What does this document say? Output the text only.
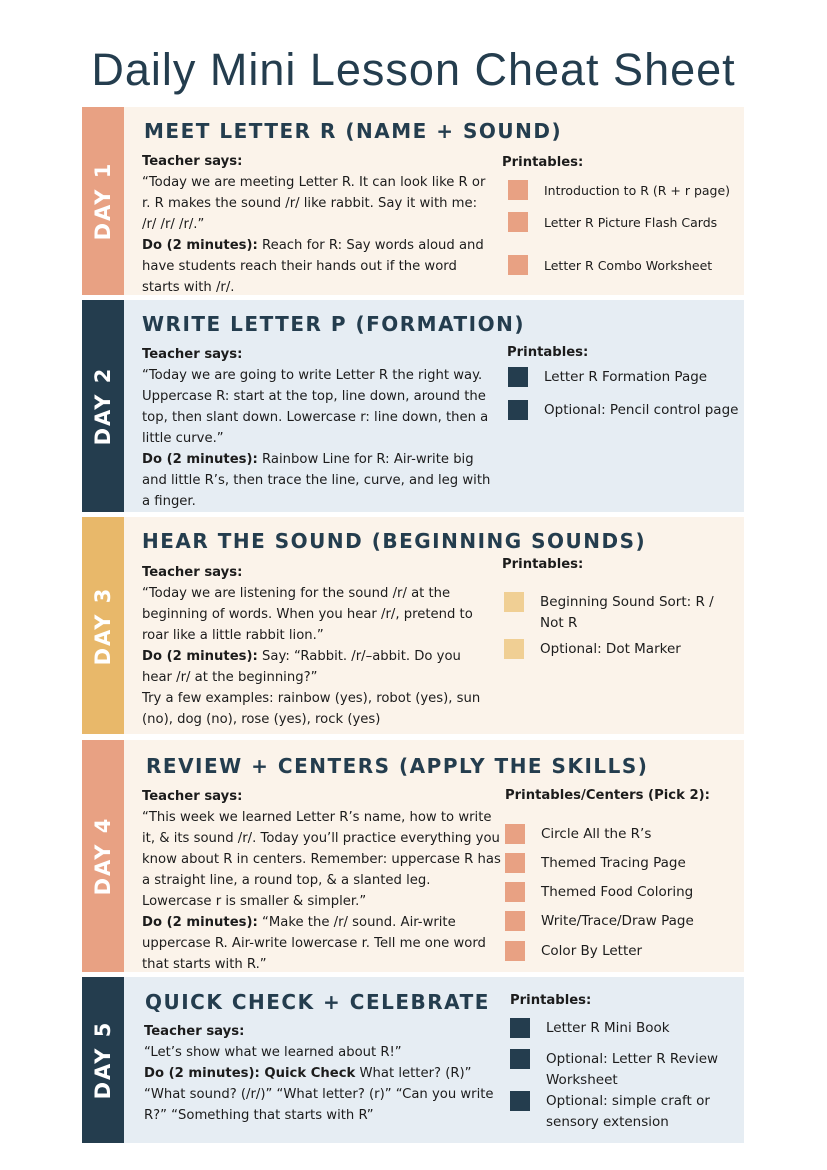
Daily Mini Lesson Cheat Sheet
DAY 1
MEET LETTER R (NAME + SOUND)

Teacher says:

“Today we are meeting Letter R. It can look like R or r. R makes the sound /r/ like rabbit. Say it with me: /r/ /r/ /r/.”

Do (2 minutes): Reach for R: Say words aloud and have students reach their hands out if the word starts with /r/.

Printables:
Introduction to R (R + r page)
Letter R Picture Flash Cards
Letter R Combo Worksheet
DAY 2
WRITE LETTER P (FORMATION)

Teacher says:

“Today we are going to write Letter R the right way. Uppercase R: start at the top, line down, around the top, then slant down. Lowercase r: line down, then a little curve.”

Do (2 minutes): Rainbow Line for R: Air-write big and little R’s, then trace the line, curve, and leg with a finger.

Printables:
Letter R Formation Page
Optional: Pencil control page
DAY 3
HEAR THE SOUND (BEGINNING SOUNDS)

Teacher says:

“Today we are listening for the sound /r/ at the beginning of words. When you hear /r/, pretend to roar like a little rabbit lion.”

Do (2 minutes): Say: “Rabbit. /r/–abbit. Do you hear /r/ at the beginning?”

Try a few examples: rainbow (yes), robot (yes), sun (no), dog (no), rose (yes), rock (yes)

Printables:
Beginning Sound Sort: R / Not R
Optional: Dot Marker
DAY 4
REVIEW + CENTERS (APPLY THE SKILLS)

Teacher says:

“This week we learned Letter R’s name, how to write it, & its sound /r/. Today you’ll practice everything you know about R in centers. Remember: uppercase R has a straight line, a round top, & a slanted leg. Lowercase r is smaller & simpler.”

Do (2 minutes): “Make the /r/ sound. Air-write uppercase R. Air-write lowercase r. Tell me one word that starts with R.”

Printables/Centers (Pick 2):
Circle All the R’s
Themed Tracing Page
Themed Food Coloring
Write/Trace/Draw Page
Color By Letter
DAY 5
QUICK CHECK + CELEBRATE

Teacher says:

“Let’s show what we learned about R!”

Do (2 minutes): Quick Check What letter? (R)” “What sound? (/r/)” “What letter? (r)” “Can you write R?” “Something that starts with R”

Printables:
Letter R Mini Book
Optional: Letter R Review Worksheet
Optional: simple craft or sensory extension
